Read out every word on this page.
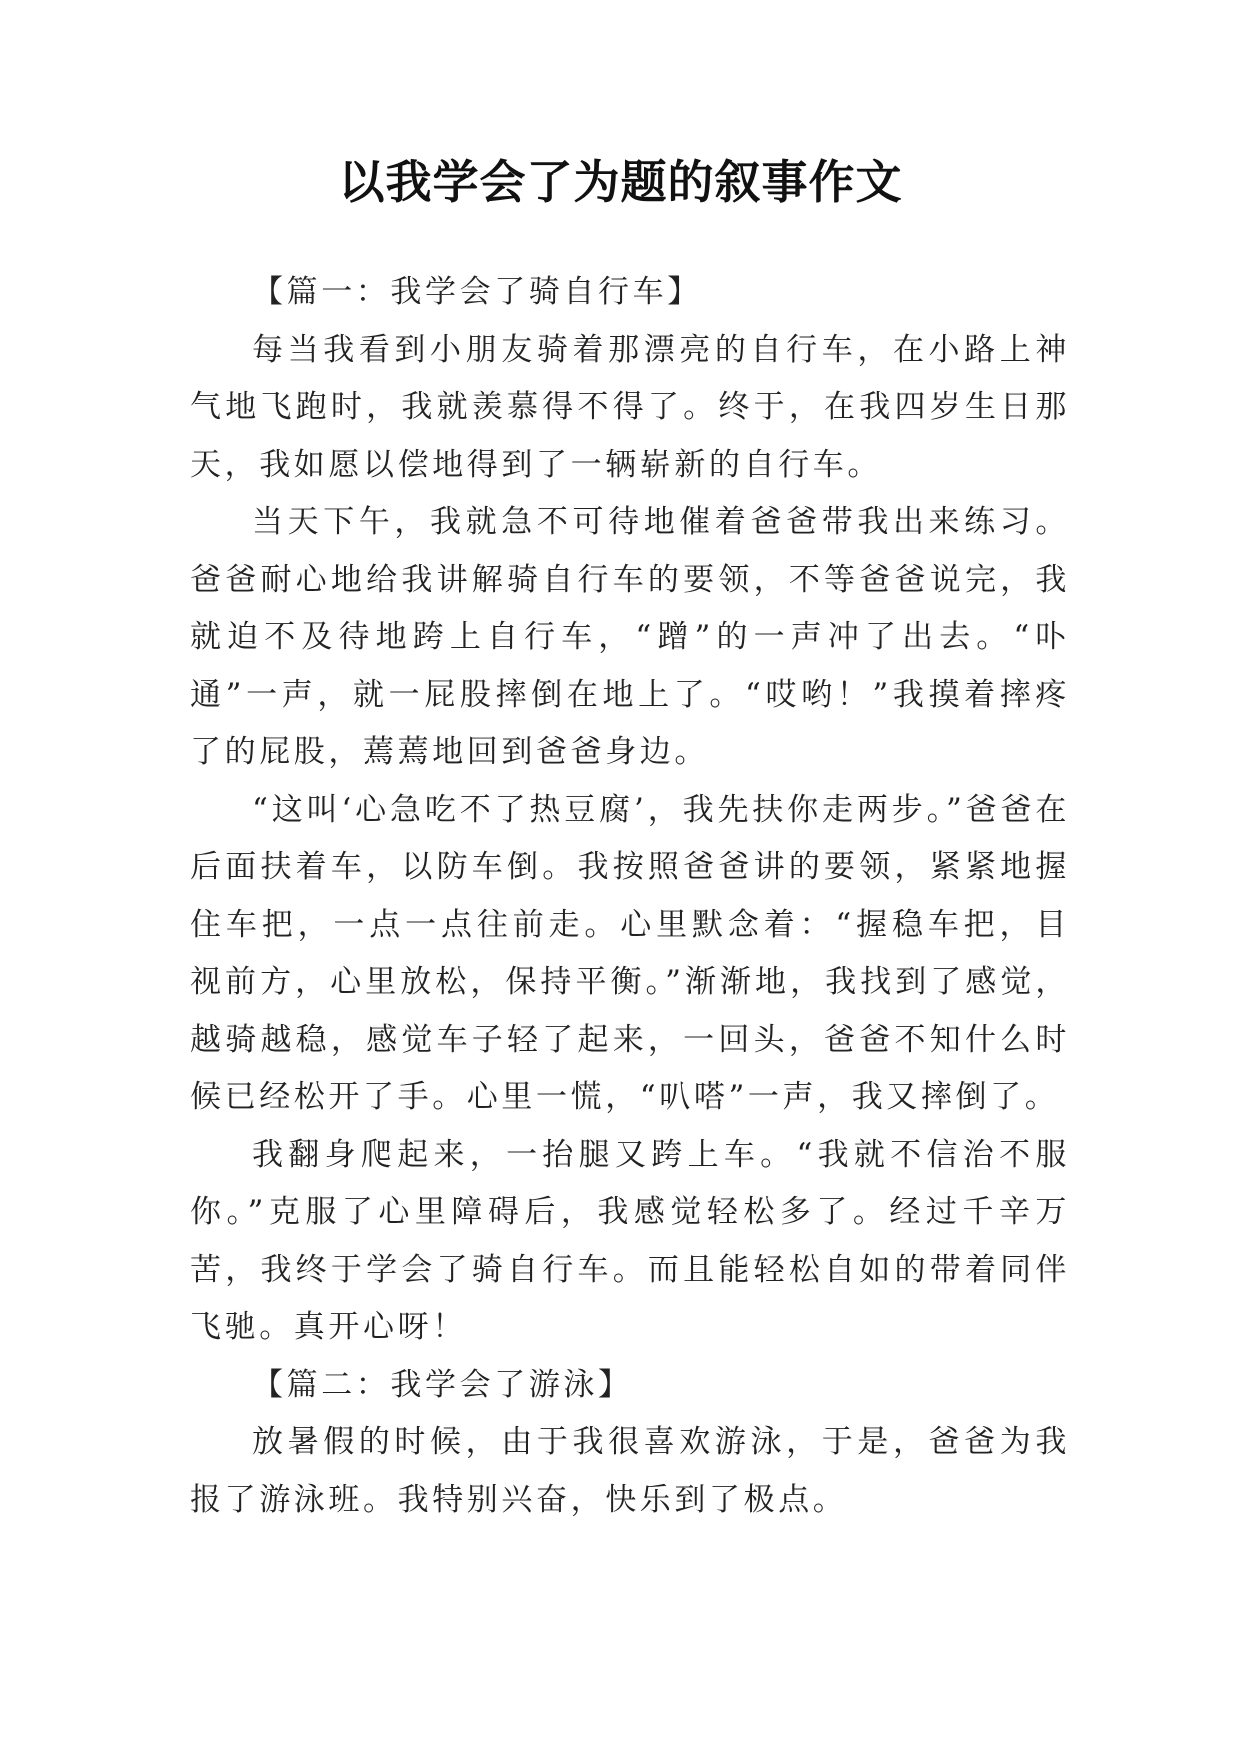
以我学会了为题的叙事作文

【篇一：我学会了骑自行车】

每当我看到小朋友骑着那漂亮的自行车，在小路上神气地飞跑时，我就羡慕得不得了。终于，在我四岁生日那天，我如愿以偿地得到了一辆崭新的自行车。

当天下午，我就急不可待地催着爸爸带我出来练习。爸爸耐心地给我讲解骑自行车的要领，不等爸爸说完，我就迫不及待地跨上自行车，“蹭”的一声冲了出去。“卟通”一声，就一屁股摔倒在地上了。“哎哟！”我摸着摔疼了的屁股，蔫蔫地回到爸爸身边。

“这叫‘心急吃不了热豆腐’，我先扶你走两步。”爸爸在后面扶着车，以防车倒。我按照爸爸讲的要领，紧紧地握住车把，一点一点往前走。心里默念着：“握稳车把，目视前方，心里放松，保持平衡。”渐渐地，我找到了感觉，越骑越稳，感觉车子轻了起来，一回头，爸爸不知什么时候已经松开了手。心里一慌，“叭嗒”一声，我又摔倒了。

我翻身爬起来，一抬腿又跨上车。“我就不信治不服你。”克服了心里障碍后，我感觉轻松多了。经过千辛万苦，我终于学会了骑自行车。而且能轻松自如的带着同伴飞驰。真开心呀！

【篇二：我学会了游泳】

放暑假的时候，由于我很喜欢游泳，于是，爸爸为我报了游泳班。我特别兴奋，快乐到了极点。
